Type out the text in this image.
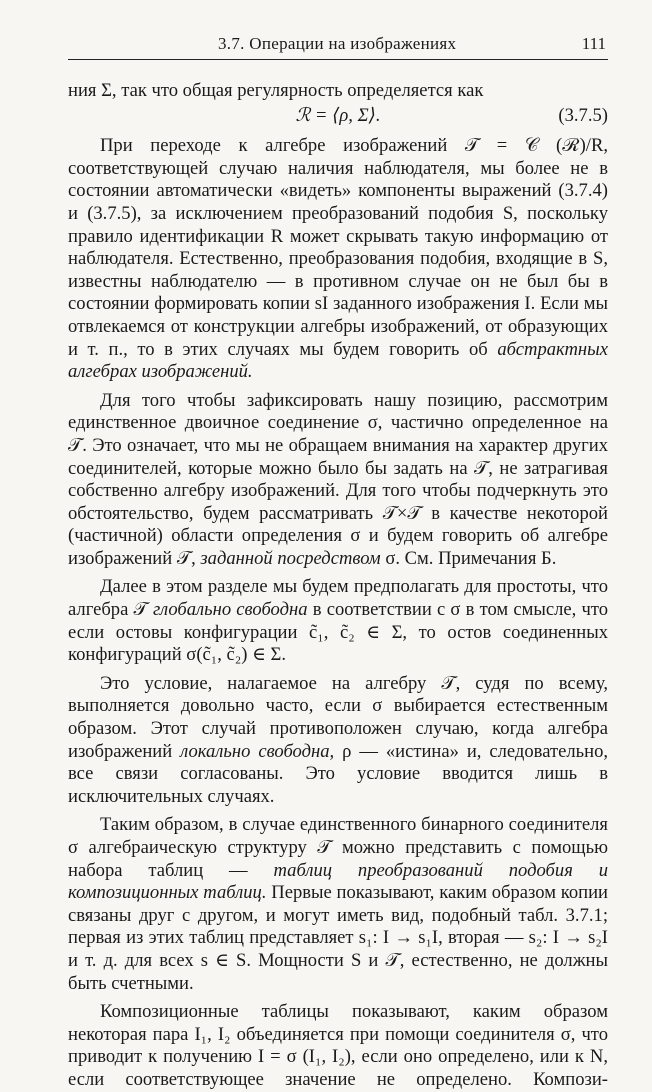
3.7. Операции на изображениях	111

ния Σ, так что общая регулярность определяется как

ℛ = ⟨ρ, Σ⟩.	(3.7.5)

При переходе к алгебре изображений 𝒯 = 𝒞 (ℛ)/R, соответствующей случаю наличия наблюдателя, мы более не в состоянии автоматически «видеть» компоненты выражений (3.7.4) и (3.7.5), за исключением преобразований подобия S, поскольку правило идентификации R может скрывать такую информацию от наблюдателя. Естественно, преобразования подобия, входящие в S, известны наблюдателю — в противном случае он не был бы в состоянии формировать копии sI заданного изображения I. Если мы отвлекаемся от конструкции алгебры изображений, от образующих и т. п., то в этих случаях мы будем говорить об абстрактных алгебрах изображений.

Для того чтобы зафиксировать нашу позицию, рассмотрим единственное двоичное соединение σ, частично определенное на 𝒯. Это означает, что мы не обращаем внимания на характер других соединителей, которые можно было бы задать на 𝒯, не затрагивая собственно алгебру изображений. Для того чтобы подчеркнуть это обстоятельство, будем рассматривать 𝒯×𝒯 в качестве некоторой (частичной) области определения σ и будем говорить об алгебре изображений 𝒯, заданной посредством σ. См. Примечания Б.

Далее в этом разделе мы будем предполагать для простоты, что алгебра 𝒯 глобально свободна в соответствии с σ в том смысле, что если остовы конфигурации c̃₁, c̃₂ ∈ Σ, то остов соединенных конфигураций σ(c̃₁, c̃₂) ∈ Σ.

Это условие, налагаемое на алгебру 𝒯, судя по всему, выполняется довольно часто, если σ выбирается естественным образом. Этот случай противоположен случаю, когда алгебра изображений локально свободна, ρ — «истина» и, следовательно, все связи согласованы. Это условие вводится лишь в исключительных случаях.

Таким образом, в случае единственного бинарного соединителя σ алгебраическую структуру 𝒯 можно представить с помощью набора таблиц — таблиц преобразований подобия и композиционных таблиц. Первые показывают, каким образом копии связаны друг с другом, и могут иметь вид, подобный табл. 3.7.1; первая из этих таблиц представляет s₁: I → s₁I, вторая — s₂: I → s₂I и т. д. для всех s ∈ S. Мощности S и 𝒯, естественно, не должны быть счетными.

Композиционные таблицы показывают, каким образом некоторая пара I₁, I₂ объединяется при помощи соединителя σ, что приводит к получению I = σ (I₁, I₂), если оно определено, или к N, если соответствующее значение не определено. Компози-
